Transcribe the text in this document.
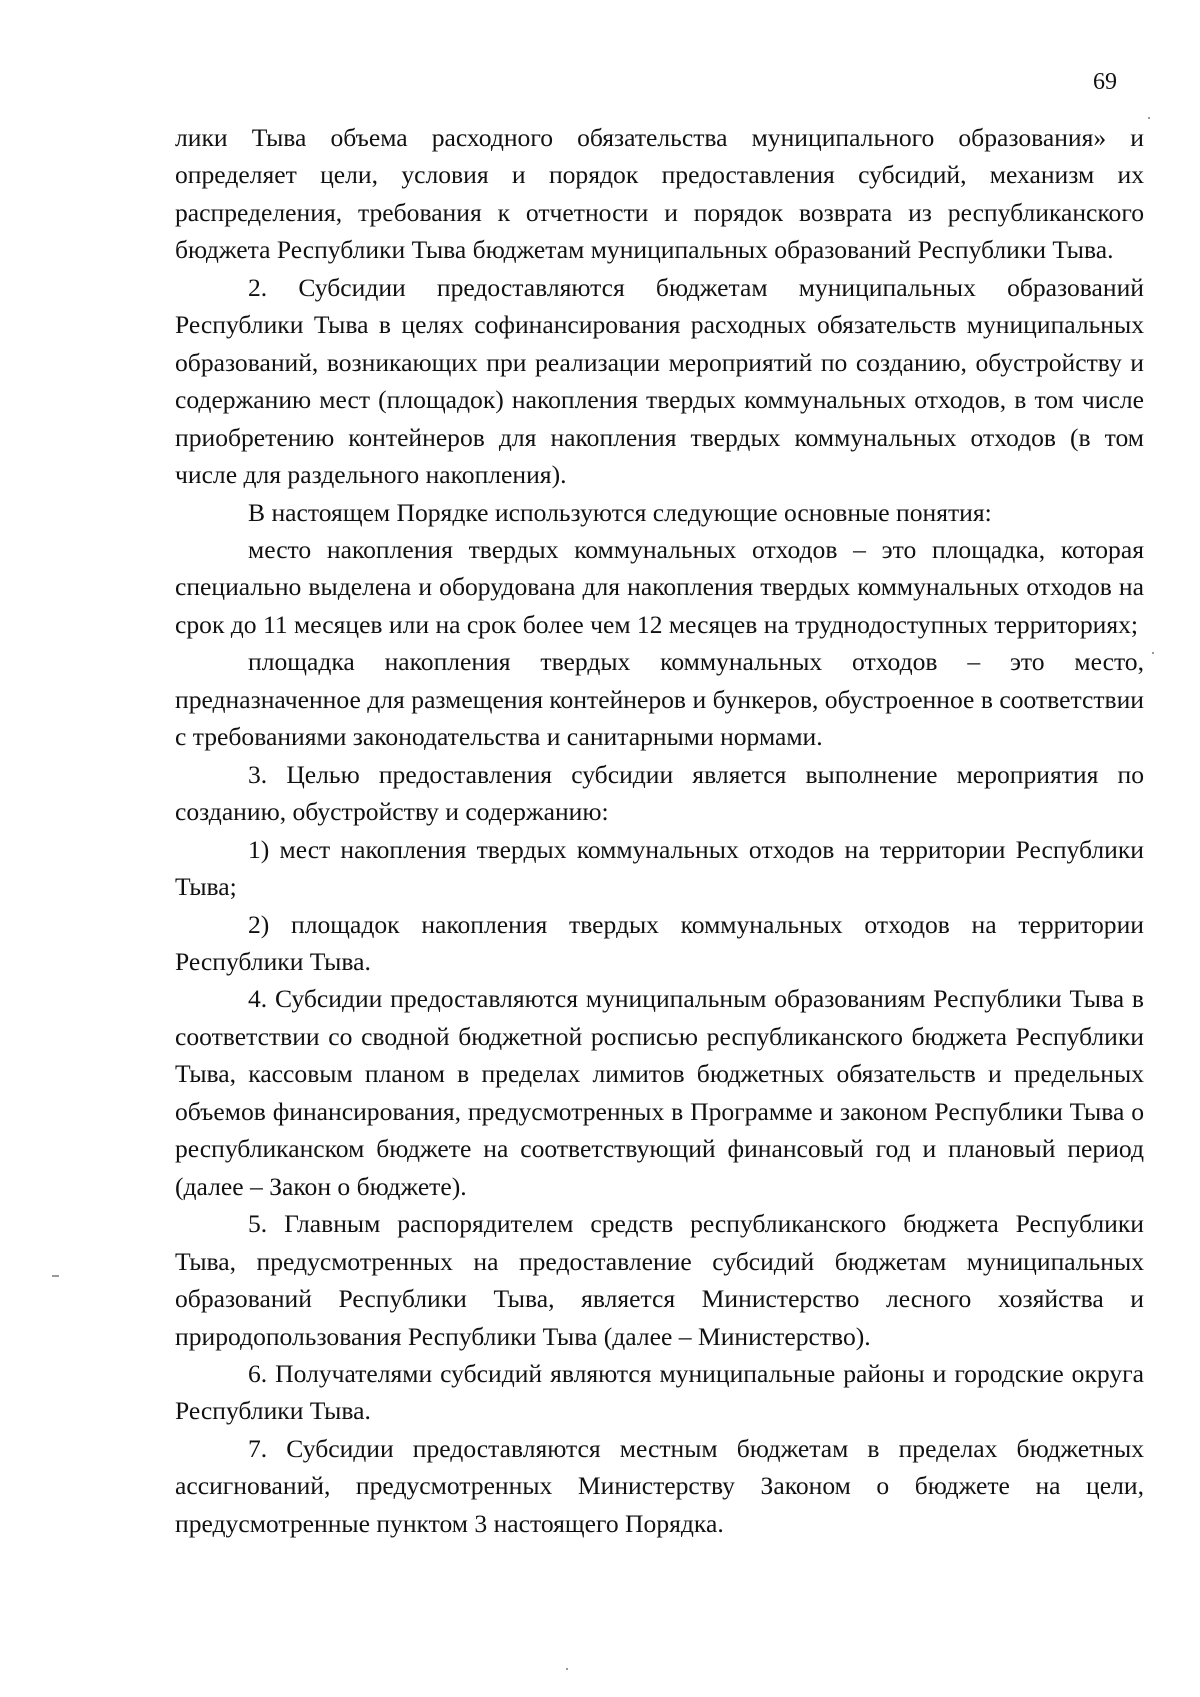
69

лики Тыва объема расходного обязательства муниципального образования» и определяет цели, условия и порядок предоставления субсидий, механизм их распределения, требования к отчетности и порядок возврата из республиканского бюджета Республики Тыва бюджетам муниципальных образований Республики Тыва.

2. Субсидии предоставляются бюджетам муниципальных образований Республики Тыва в целях софинансирования расходных обязательств муниципальных образований, возникающих при реализации мероприятий по созданию, обустройству и содержанию мест (площадок) накопления твердых коммунальных отходов, в том числе приобретению контейнеров для накопления твердых коммунальных отходов (в том числе для раздельного накопления).

В настоящем Порядке используются следующие основные понятия:

место накопления твердых коммунальных отходов – это площадка, которая специально выделена и оборудована для накопления твердых коммунальных отходов на срок до 11 месяцев или на срок более чем 12 месяцев на труднодоступных территориях;

площадка накопления твердых коммунальных отходов – это место, предназначенное для размещения контейнеров и бункеров, обустроенное в соответствии с требованиями законодательства и санитарными нормами.

3. Целью предоставления субсидии является выполнение мероприятия по созданию, обустройству и содержанию:

1) мест накопления твердых коммунальных отходов на территории Республики Тыва;

2) площадок накопления твердых коммунальных отходов на территории Республики Тыва.

4. Субсидии предоставляются муниципальным образованиям Республики Тыва в соответствии со сводной бюджетной росписью республиканского бюджета Республики Тыва, кассовым планом в пределах лимитов бюджетных обязательств и предельных объемов финансирования, предусмотренных в Программе и законом Республики Тыва о республиканском бюджете на соответствующий финансовый год и плановый период (далее – Закон о бюджете).

5. Главным распорядителем средств республиканского бюджета Республики Тыва, предусмотренных на предоставление субсидий бюджетам муниципальных образований Республики Тыва, является Министерство лесного хозяйства и природопользования Республики Тыва (далее – Министерство).

6. Получателями субсидий являются муниципальные районы и городские округа Республики Тыва.

7. Субсидии предоставляются местным бюджетам в пределах бюджетных ассигнований, предусмотренных Министерству Законом о бюджете на цели, предусмотренные пунктом 3 настоящего Порядка.
